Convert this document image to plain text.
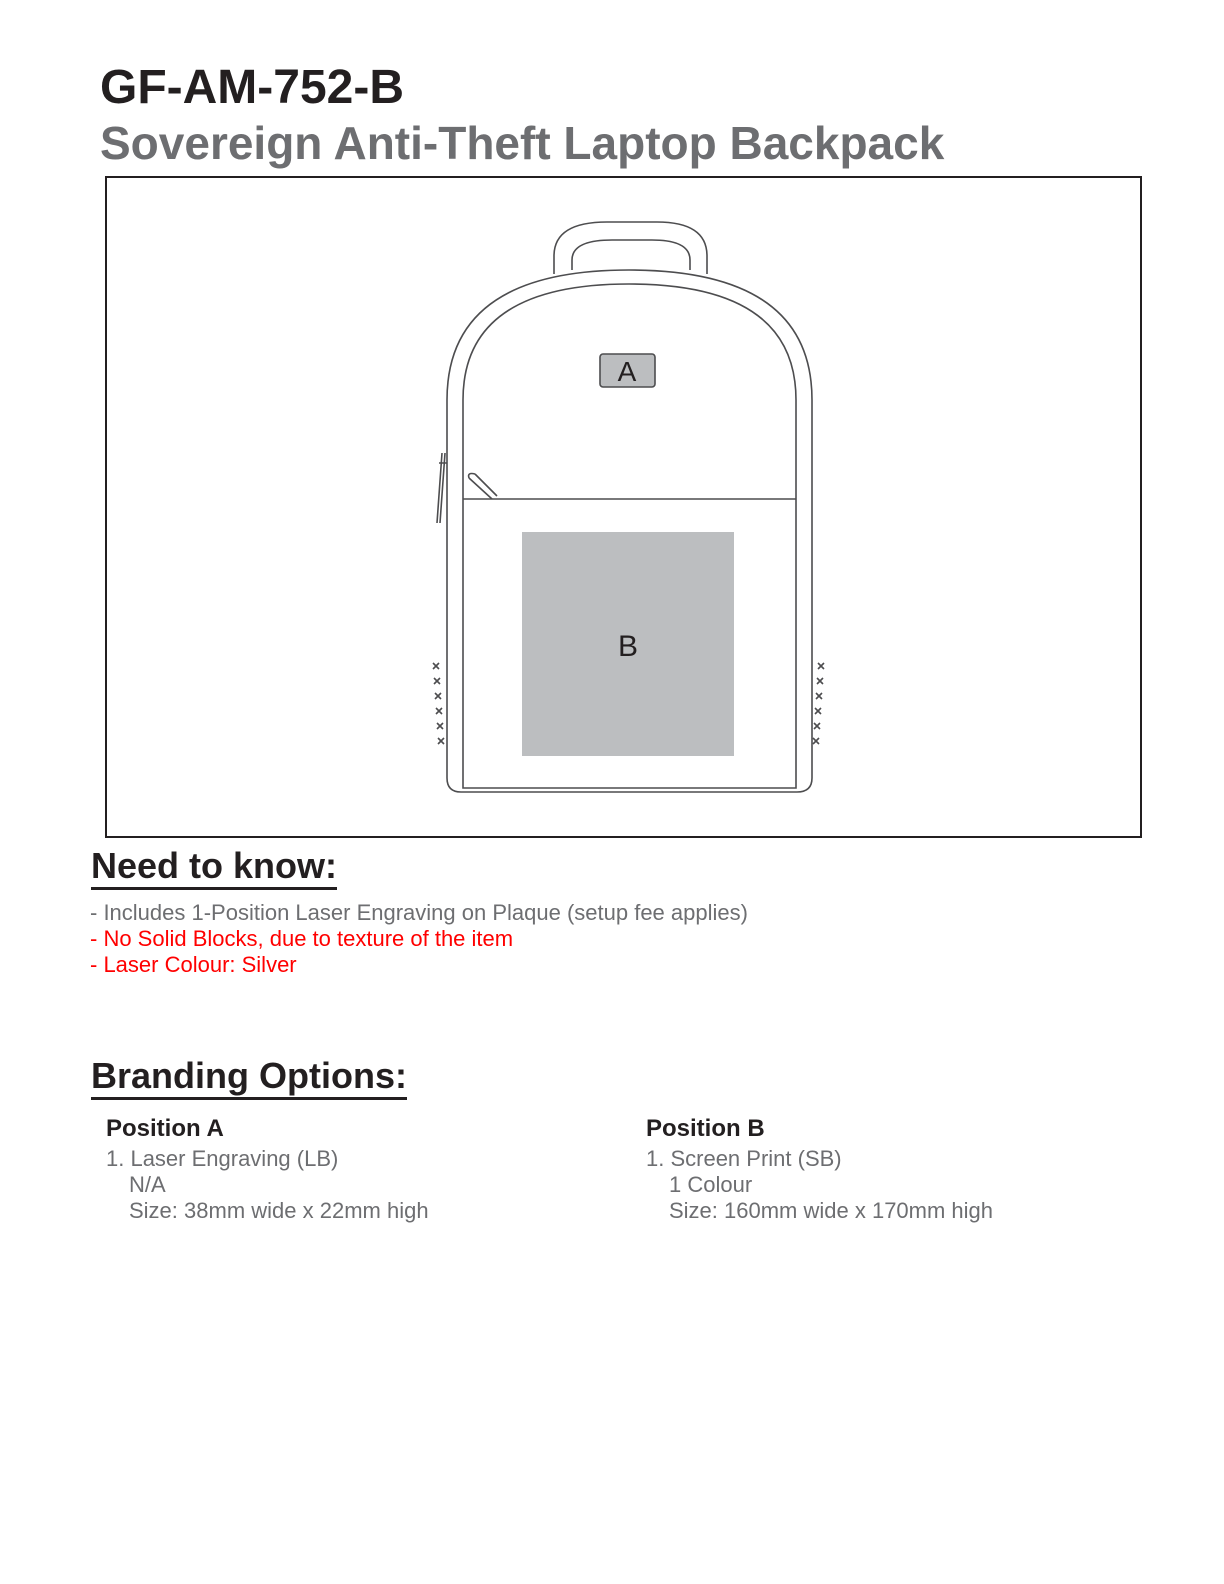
GF-AM-752-B
Sovereign Anti-Theft Laptop Backpack
A
B
Need to know:
- Includes 1-Position Laser Engraving on Plaque (setup fee applies)
- No Solid Blocks, due to texture of the item
- Laser Colour: Silver
Branding Options:

Position A

1. Laser Engraving (LB)

N/A

Size: 38mm wide x 22mm high

Position B

1. Screen Print (SB)

1 Colour

Size: 160mm wide x 170mm high
